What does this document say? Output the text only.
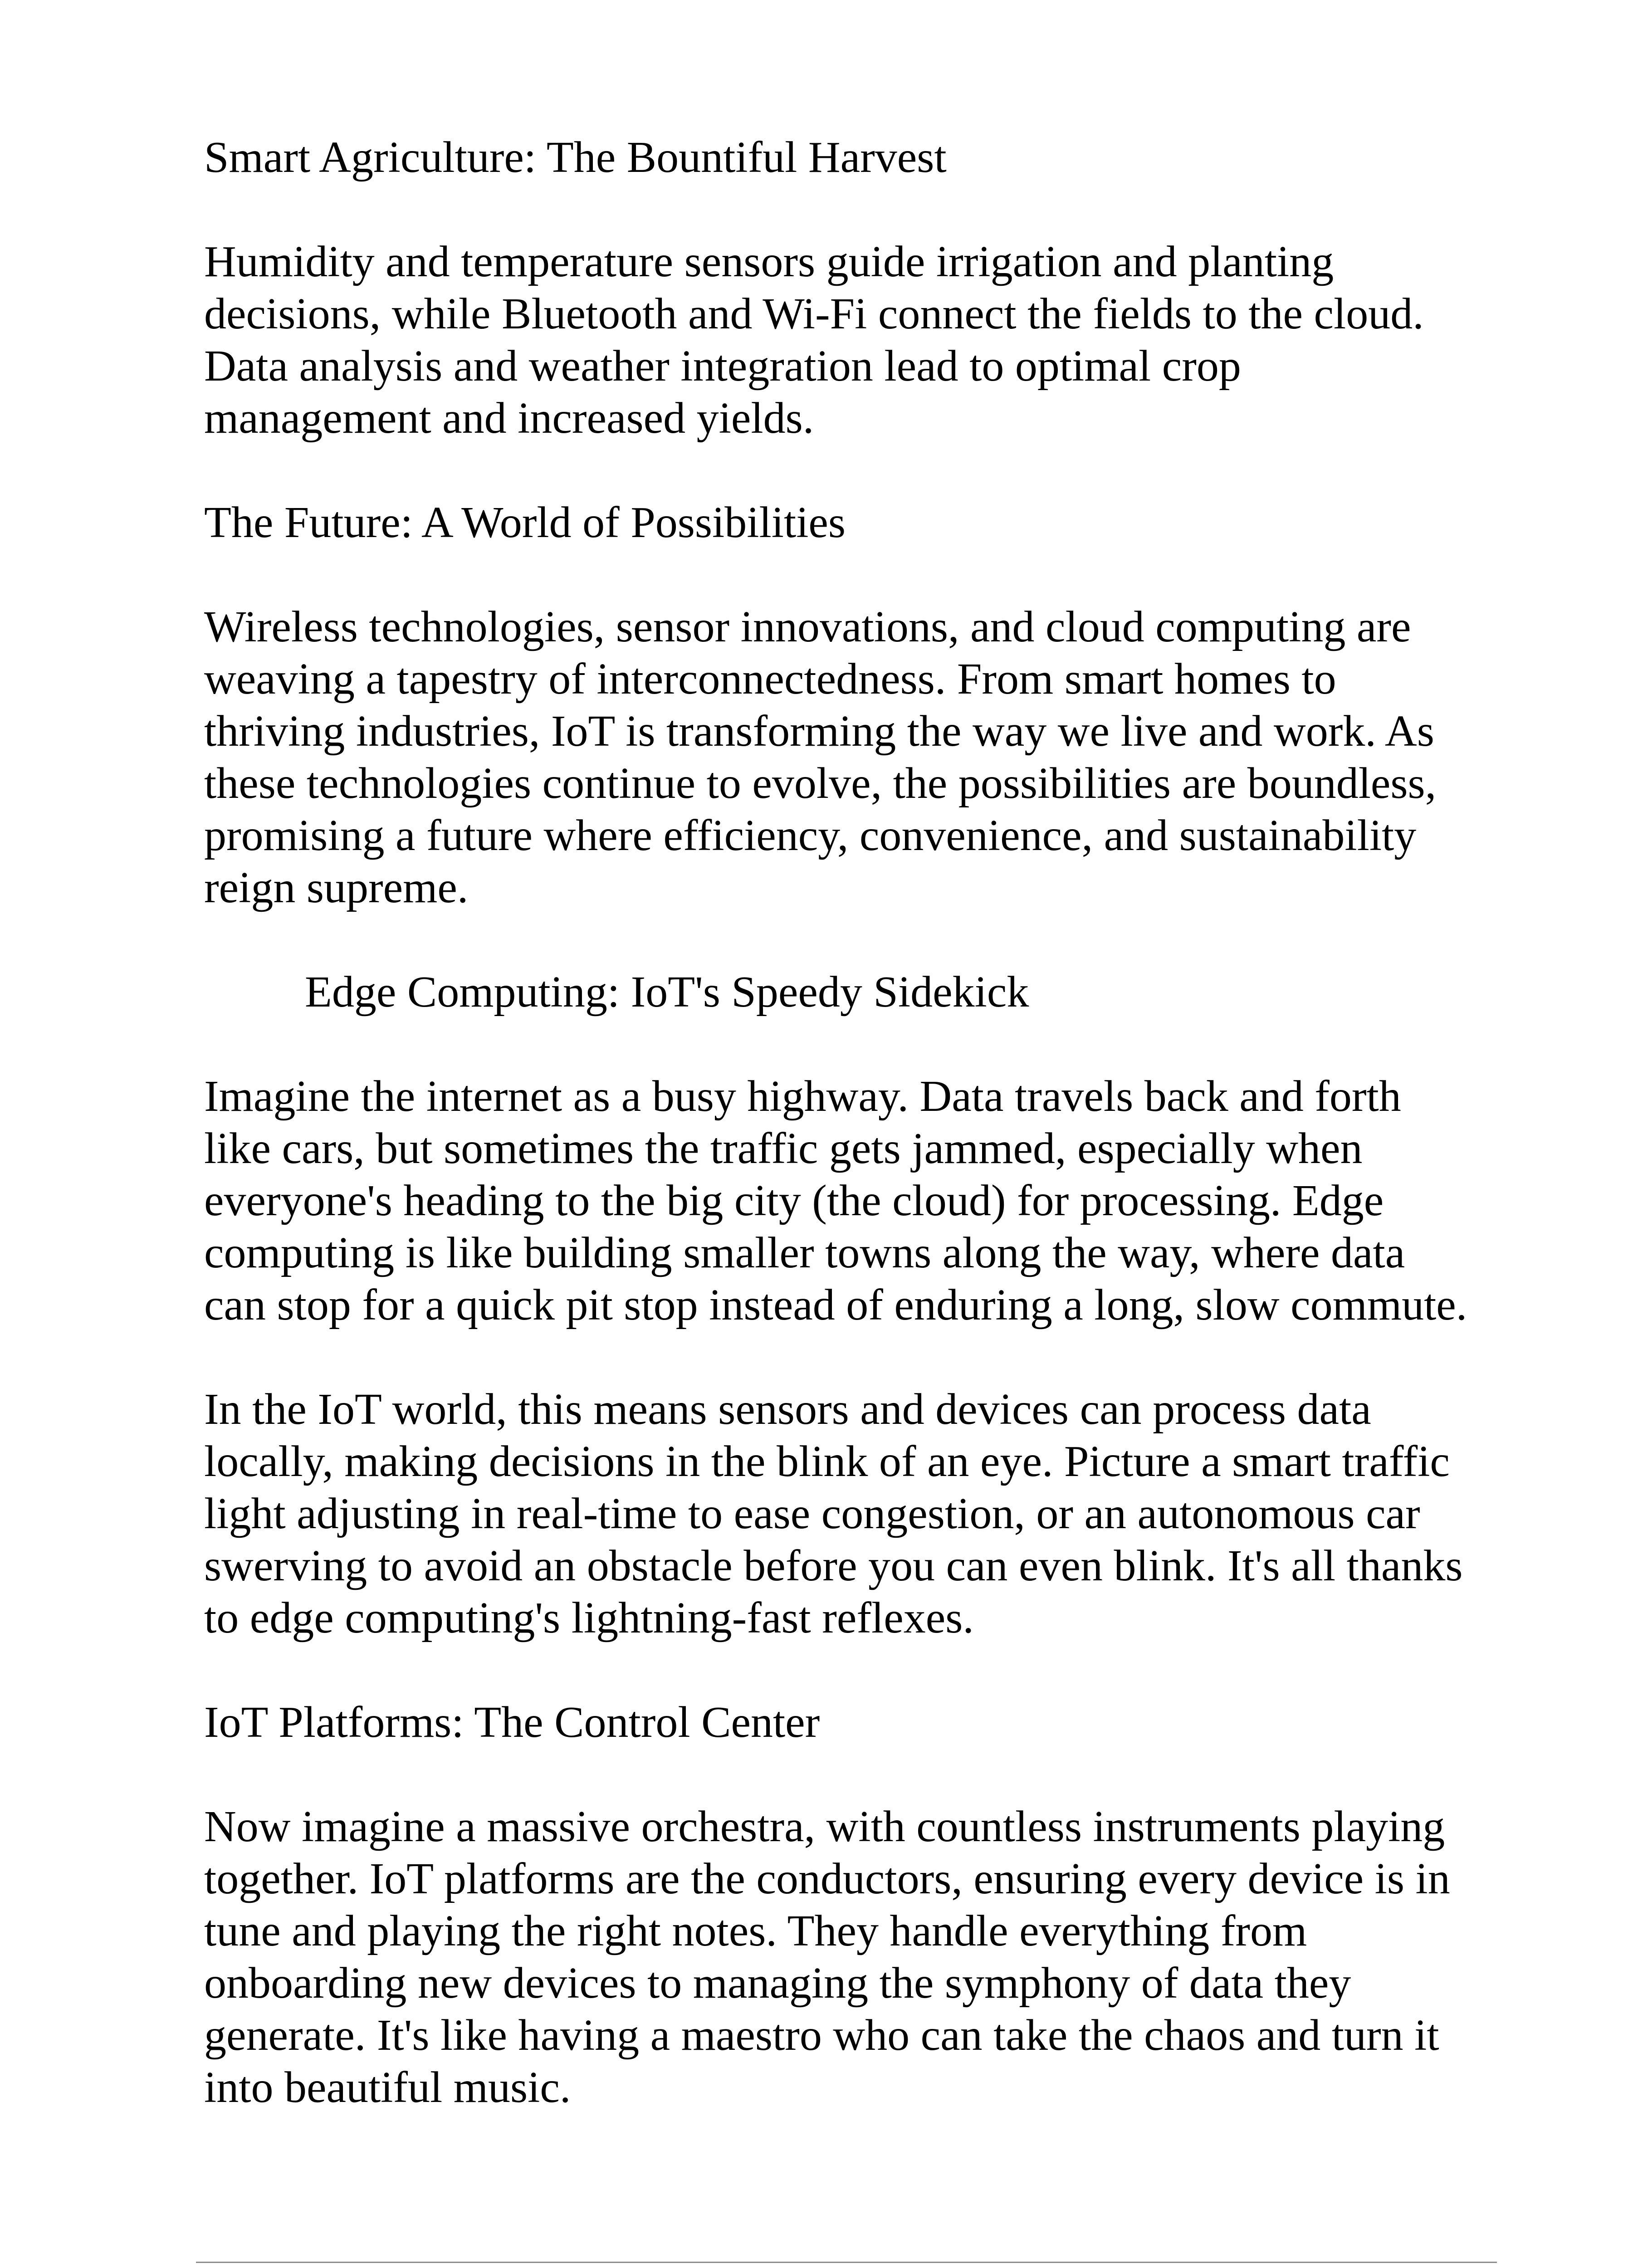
Smart Agriculture: The Bountiful Harvest
Humidity and temperature sensors guide irrigation and planting
decisions, while Bluetooth and Wi-Fi connect the fields to the cloud.
Data analysis and weather integration lead to optimal crop
management and increased yields.
The Future: A World of Possibilities
Wireless technologies, sensor innovations, and cloud computing are
weaving a tapestry of interconnectedness. From smart homes to
thriving industries, IoT is transforming the way we live and work. As
these technologies continue to evolve, the possibilities are boundless,
promising a future where efficiency, convenience, and sustainability
reign supreme.
Edge Computing: IoT's Speedy Sidekick
Imagine the internet as a busy highway. Data travels back and forth
like cars, but sometimes the traffic gets jammed, especially when
everyone's heading to the big city (the cloud) for processing. Edge
computing is like building smaller towns along the way, where data
can stop for a quick pit stop instead of enduring a long, slow commute.
In the IoT world, this means sensors and devices can process data
locally, making decisions in the blink of an eye. Picture a smart traffic
light adjusting in real-time to ease congestion, or an autonomous car
swerving to avoid an obstacle before you can even blink. It's all thanks
to edge computing's lightning-fast reflexes.
IoT Platforms: The Control Center
Now imagine a massive orchestra, with countless instruments playing
together. IoT platforms are the conductors, ensuring every device is in
tune and playing the right notes. They handle everything from
onboarding new devices to managing the symphony of data they
generate. It's like having a maestro who can take the chaos and turn it
into beautiful music.
